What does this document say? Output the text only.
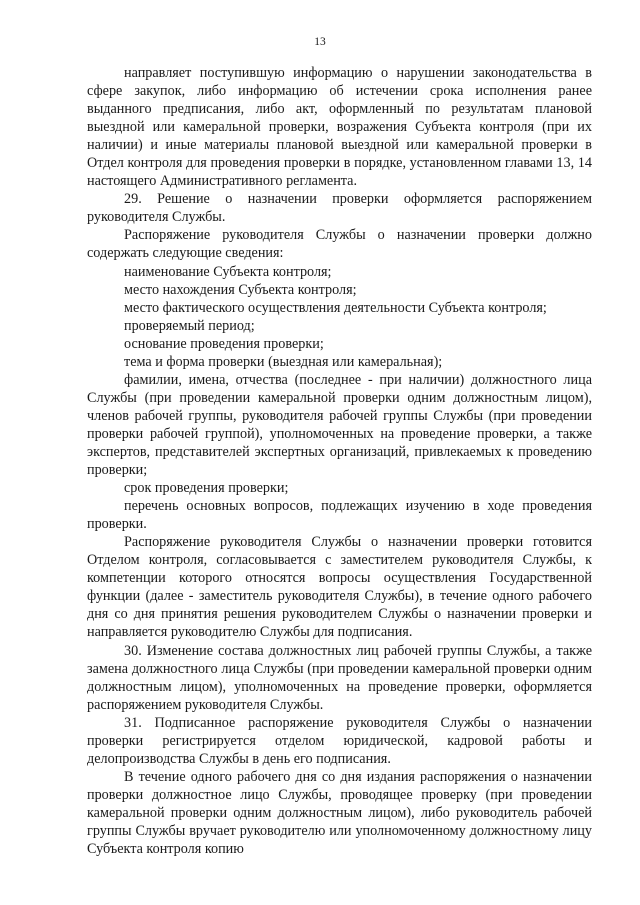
13

направляет поступившую информацию о нарушении законодательства в сфере закупок, либо информацию об истечении срока исполнения ранее выданного предписания, либо акт, оформленный по результатам плановой выездной или камеральной проверки, возражения Субъекта контроля (при их наличии) и иные материалы плановой выездной или камеральной проверки в Отдел контроля для проведения проверки в порядке, установленном главами 13, 14 настоящего Административного регламента.

29. Решение о назначении проверки оформляется распоряжением руководителя Службы.

Распоряжение руководителя Службы о назначении проверки должно содержать следующие сведения:

наименование Субъекта контроля;

место нахождения Субъекта контроля;

место фактического осуществления деятельности Субъекта контроля;

проверяемый период;

основание проведения проверки;

тема и форма проверки (выездная или камеральная);

фамилии, имена, отчества (последнее - при наличии) должностного лица Службы (при проведении камеральной проверки одним должностным лицом), членов рабочей группы, руководителя рабочей группы Службы (при проведении проверки рабочей группой), уполномоченных на проведение проверки, а также экспертов, представителей экспертных организаций, привлекаемых к проведению проверки;

срок проведения проверки;

перечень основных вопросов, подлежащих изучению в ходе проведения проверки.

Распоряжение руководителя Службы о назначении проверки готовится Отделом контроля, согласовывается с заместителем руководителя Службы, к компетенции которого относятся вопросы осуществления Государственной функции (далее - заместитель руководителя Службы), в течение одного рабочего дня со дня принятия решения руководителем Службы о назначении проверки и направляется руководителю Службы для подписания.

30. Изменение состава должностных лиц рабочей группы Службы, а также замена должностного лица Службы (при проведении камеральной проверки одним должностным лицом), уполномоченных на проведение проверки, оформляется распоряжением руководителя Службы.

31. Подписанное распоряжение руководителя Службы о назначении проверки регистрируется отделом юридической, кадровой работы и делопроизводства Службы в день его подписания.

В течение одного рабочего дня со дня издания распоряжения о назначении проверки должностное лицо Службы, проводящее проверку (при проведении камеральной проверки одним должностным лицом), либо руководитель рабочей группы Службы вручает руководителю или уполномоченному должностному лицу Субъекта контроля копию
